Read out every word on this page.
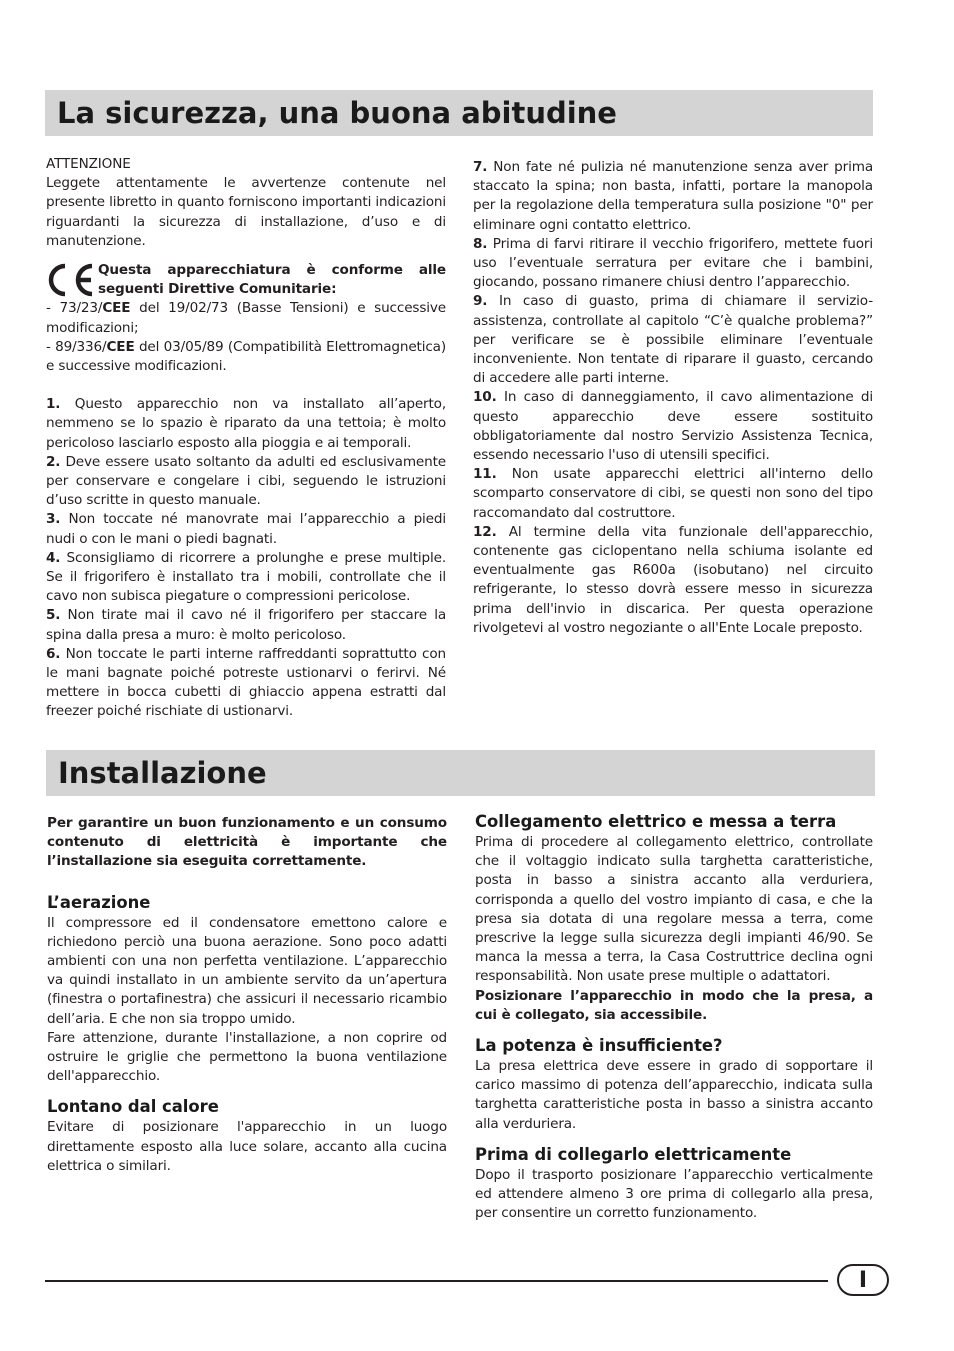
La sicurezza, una buona abitudine

ATTENZIONE

Leggete attentamente le avvertenze contenute nel presente libretto in quanto forniscono importanti indicazioni riguardanti la sicurezza di installazione, d’uso e di manutenzione.

Questa apparecchiatura è conforme alle seguenti Direttive Comunitarie:

- 73/23/CEE del 19/02/73 (Basse Tensioni) e successive modificazioni;

- 89/336/CEE del 03/05/89 (Compatibilità Elettromagnetica) e successive modificazioni.

1. Questo apparecchio non va installato all’aperto, nemmeno se lo spazio è riparato da una tettoia; è molto pericoloso lasciarlo esposto alla pioggia e ai temporali.

2. Deve essere usato soltanto da adulti ed esclusivamente per conservare e congelare i cibi, seguendo le istruzioni d’uso scritte in questo manuale.

3. Non toccate né manovrate mai l’apparecchio a piedi nudi o con le mani o piedi bagnati.

4. Sconsigliamo di ricorrere a prolunghe e prese multiple. Se il frigorifero è installato tra i mobili, controllate che il cavo non subisca piegature o compressioni pericolose.

5. Non tirate mai il cavo né il frigorifero per staccare la spina dalla presa a muro: è molto pericoloso.

6. Non toccate le parti interne raffreddanti soprattutto con le mani bagnate poiché potreste ustionarvi o ferirvi. Né mettere in bocca cubetti di ghiaccio appena estratti dal freezer poiché rischiate di ustionarvi.

7. Non fate né pulizia né manutenzione senza aver prima staccato la spina; non basta, infatti, portare la manopola per la regolazione della temperatura sulla posizione "0" per eliminare ogni contatto elettrico.

8. Prima di farvi ritirare il vecchio frigorifero, mettete fuori uso l’eventuale serratura per evitare che i bambini, giocando, possano rimanere chiusi dentro l’apparecchio.

9. In caso di guasto, prima di chiamare il servizio-assistenza, controllate al capitolo “C’è qualche problema?” per verificare se è possibile eliminare l’eventuale inconveniente. Non tentate di riparare il guasto, cercando di accedere alle parti interne.

10. In caso di danneggiamento, il cavo alimentazione di questo apparecchio deve essere sostituito obbligatoriamente dal nostro Servizio Assistenza Tecnica, essendo necessario l'uso di utensili specifici.

11. Non usate apparecchi elettrici all'interno dello scomparto conservatore di cibi, se questi non sono del tipo raccomandato dal costruttore.

12. Al termine della vita funzionale dell'apparecchio, contenente gas ciclopentano nella schiuma isolante ed eventualmente gas R600a (isobutano) nel circuito refrigerante, lo stesso dovrà essere messo in sicurezza prima dell'invio in discarica. Per questa operazione rivolgetevi al vostro negoziante o all'Ente Locale preposto.

Installazione

Per garantire un buon funzionamento e un consumo contenuto di elettricità è importante che l’installazione sia eseguita correttamente.

L’aerazione

Il compressore ed il condensatore emettono calore e richiedono perciò una buona aerazione. Sono poco adatti ambienti con una non perfetta ventilazione. L’apparecchio va quindi installato in un ambiente servito da un’apertura (finestra o portafinestra) che assicuri il necessario ricambio dell’aria. E che non sia troppo umido.

Fare attenzione, durante l'installazione, a non coprire od ostruire le griglie che permettono la buona ventilazione dell'apparecchio.

Lontano dal calore

Evitare di posizionare l'apparecchio in un luogo direttamente esposto alla luce solare, accanto alla cucina elettrica o similari.

Collegamento elettrico e messa a terra

Prima di procedere al collegamento elettrico, controllate che il voltaggio indicato sulla targhetta caratteristiche, posta in basso a sinistra accanto alla verduriera, corrisponda a quello del vostro impianto di casa, e che la presa sia dotata di una regolare messa a terra, come prescrive la legge sulla sicurezza degli impianti 46/90. Se manca la messa a terra, la Casa Costruttrice declina ogni responsabilità. Non usate prese multiple o adattatori.

Posizionare l’apparecchio in modo che la presa, a cui è collegato, sia accessibile.

La potenza è insufficiente?

La presa elettrica deve essere in grado di sopportare il carico massimo di potenza dell’apparecchio, indicata sulla targhetta caratteristiche posta in basso a sinistra accanto alla verduriera.

Prima di collegarlo elettricamente

Dopo il trasporto posizionare l’apparecchio verticalmente ed attendere almeno 3 ore prima di collegarlo alla presa, per consentire un corretto funzionamento.

I
